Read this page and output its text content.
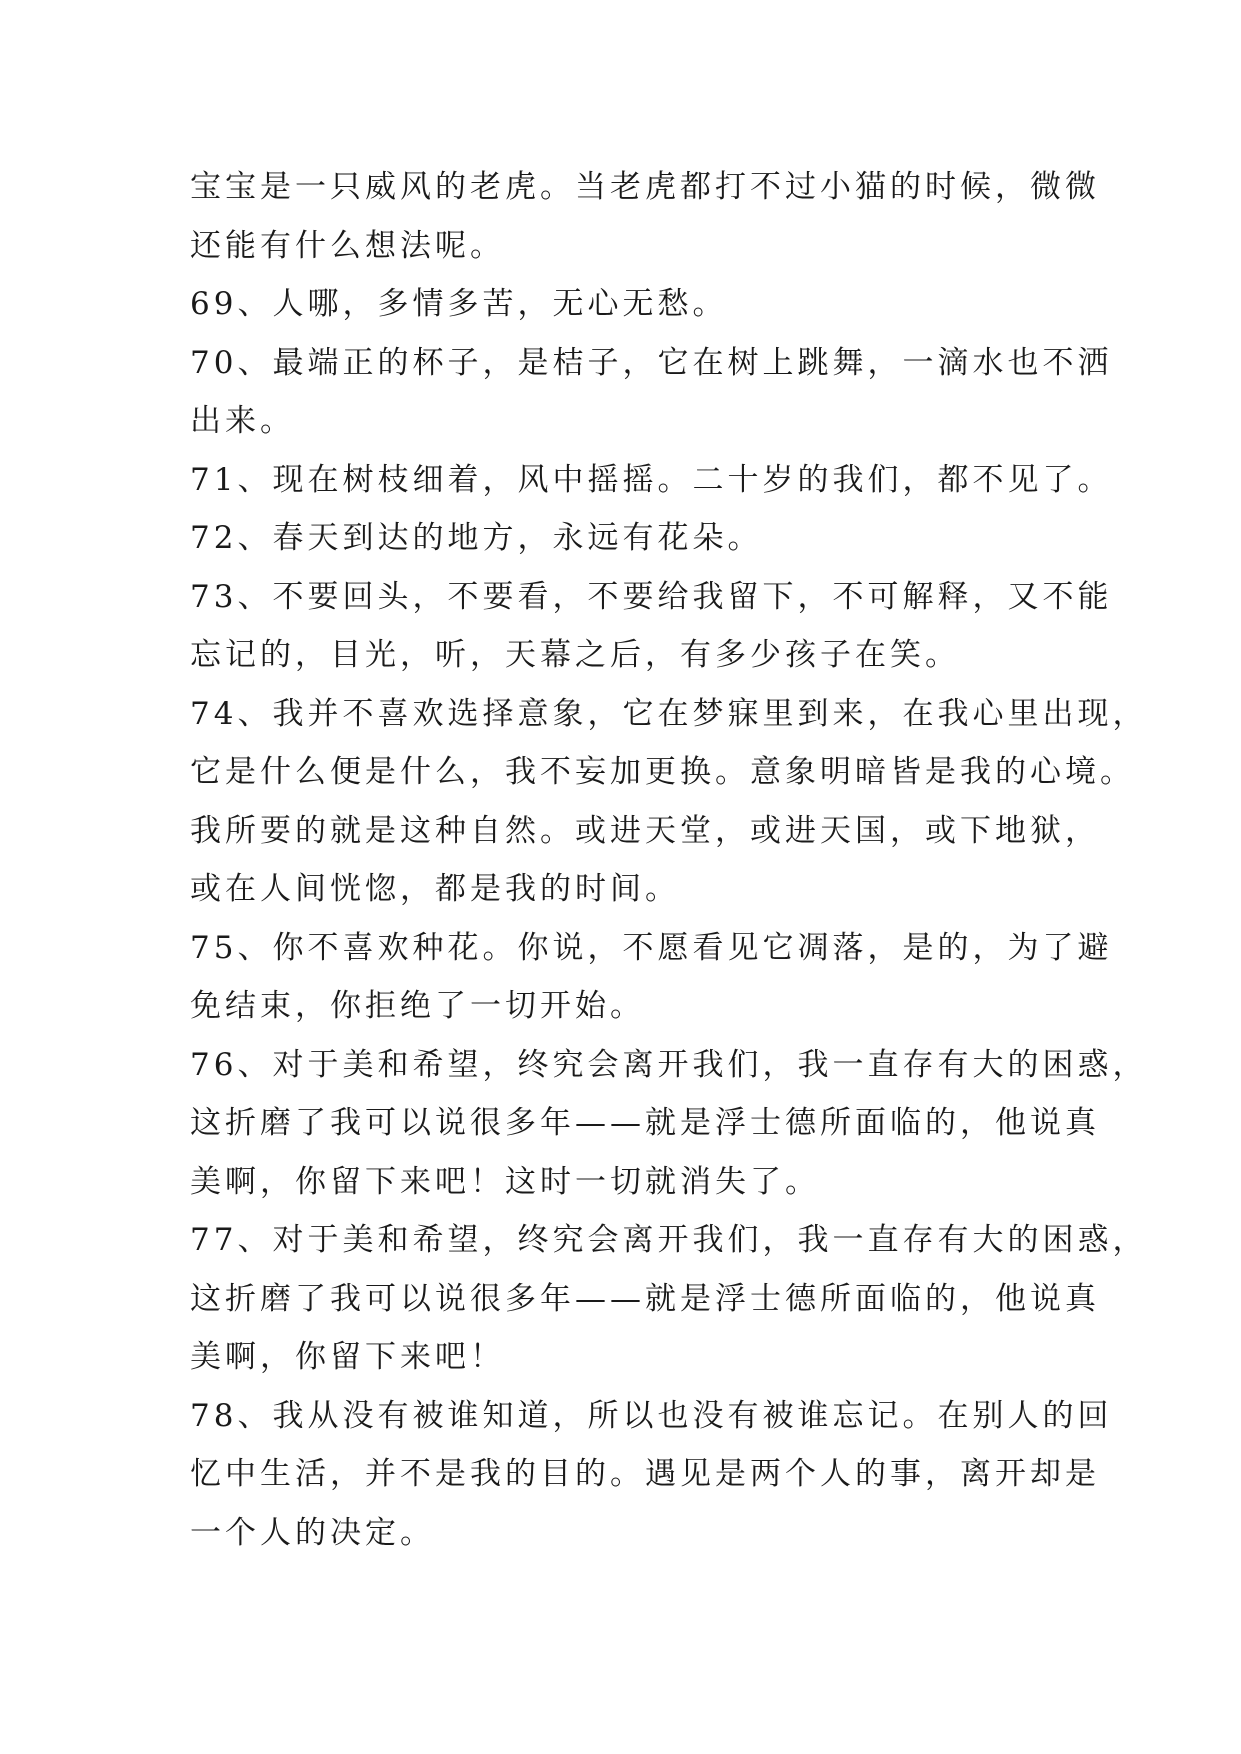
宝宝是一只威风的老虎。当老虎都打不过小猫的时候，微微
还能有什么想法呢。
69、人哪，多情多苦，无心无愁。
70、最端正的杯子，是桔子，它在树上跳舞，一滴水也不洒
出来。
71、现在树枝细着，风中摇摇。二十岁的我们，都不见了。
72、春天到达的地方，永远有花朵。
73、不要回头，不要看，不要给我留下，不可解释，又不能
忘记的，目光，听，天幕之后，有多少孩子在笑。
74、我并不喜欢选择意象，它在梦寐里到来，在我心里出现，
它是什么便是什么，我不妄加更换。意象明暗皆是我的心境。
我所要的就是这种自然。或进天堂，或进天国，或下地狱，
或在人间恍惚，都是我的时间。
75、你不喜欢种花。你说，不愿看见它凋落，是的，为了避
免结束，你拒绝了一切开始。
76、对于美和希望，终究会离开我们，我一直存有大的困惑，
这折磨了我可以说很多年——就是浮士德所面临的，他说真
美啊，你留下来吧！这时一切就消失了。
77、对于美和希望，终究会离开我们，我一直存有大的困惑，
这折磨了我可以说很多年——就是浮士德所面临的，他说真
美啊，你留下来吧！
78、我从没有被谁知道，所以也没有被谁忘记。在别人的回
忆中生活，并不是我的目的。遇见是两个人的事，离开却是
一个人的决定。
